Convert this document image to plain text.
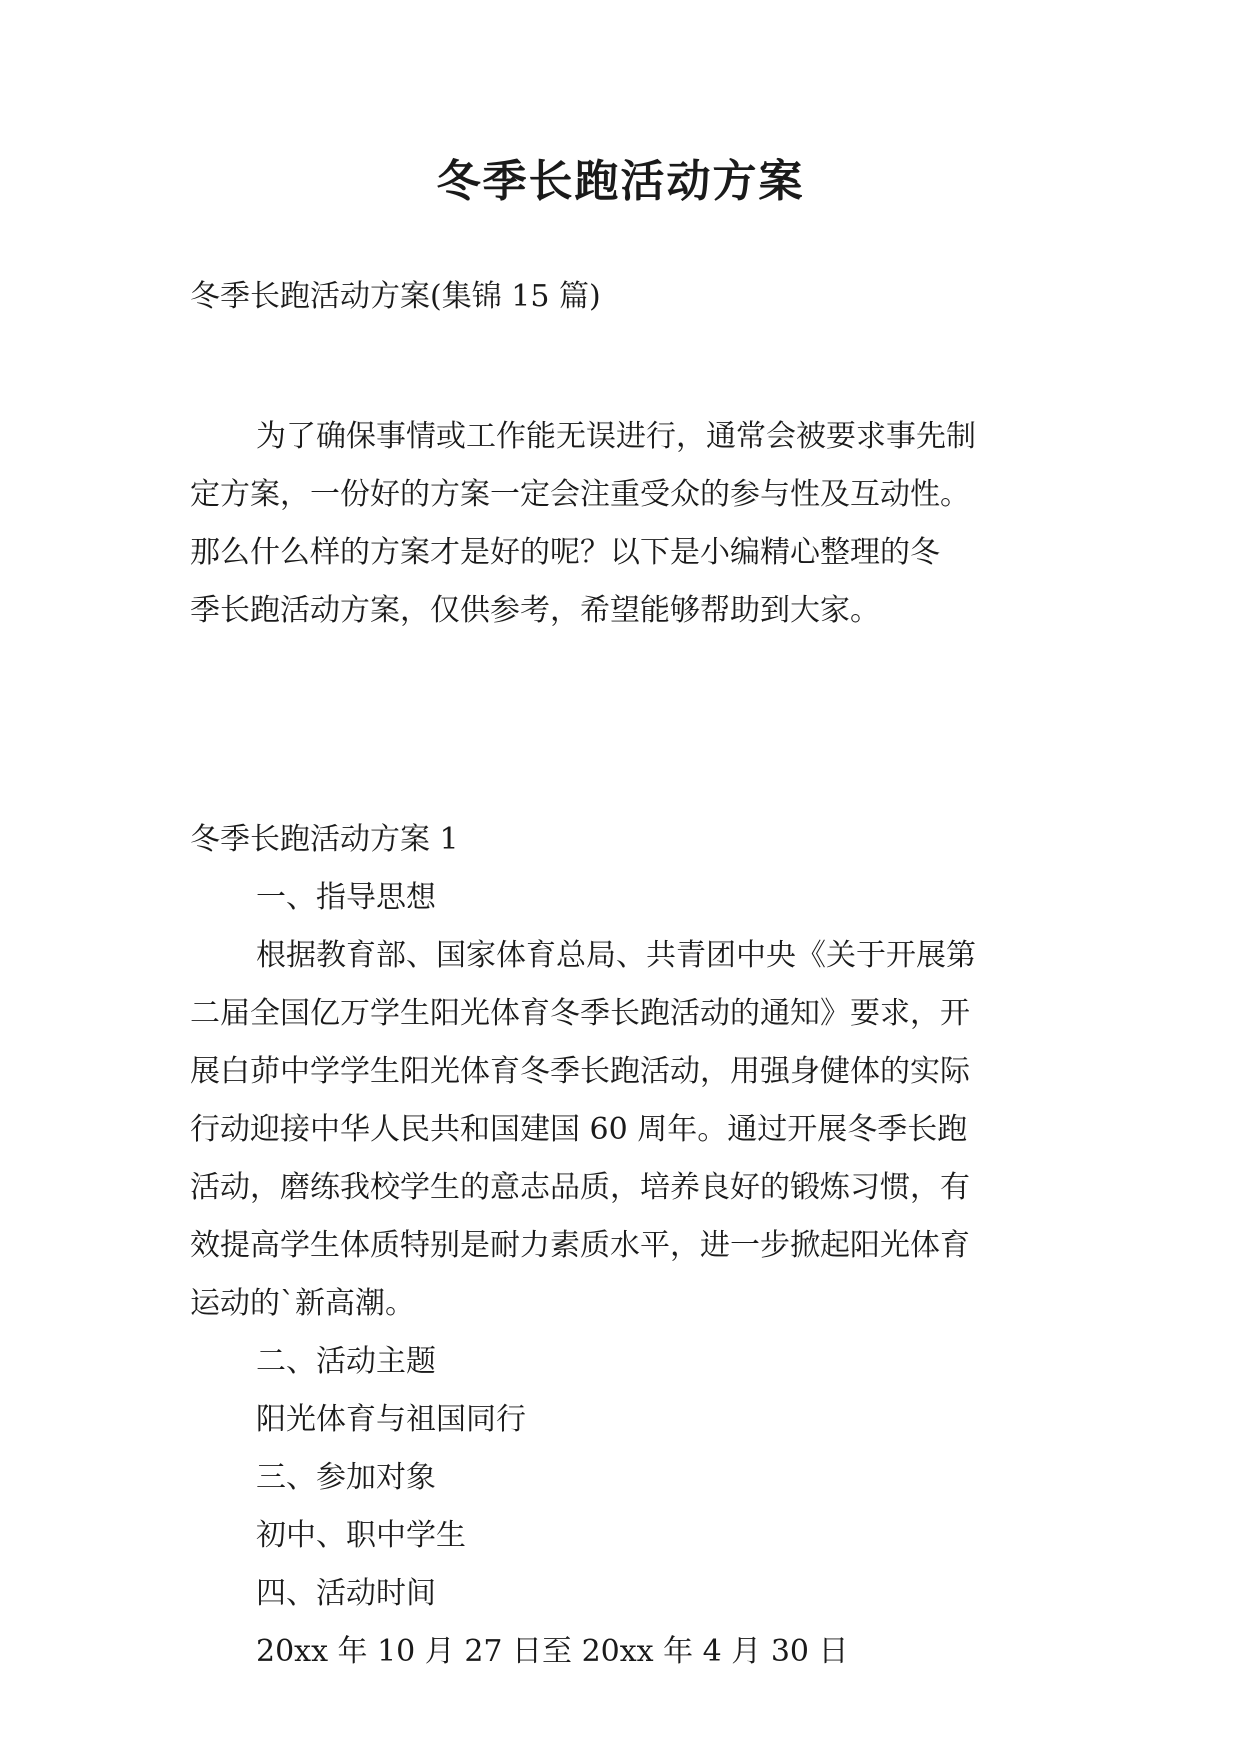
冬季长跑活动方案

冬季长跑活动方案(集锦 15 篇)

为了确保事情或工作能无误进行，通常会被要求事先制
定方案，一份好的方案一定会注重受众的参与性及互动性。
那么什么样的方案才是好的呢？以下是小编精心整理的冬
季长跑活动方案，仅供参考，希望能够帮助到大家。
冬季长跑活动方案 1
一、指导思想
根据教育部、国家体育总局、共青团中央《关于开展第
二届全国亿万学生阳光体育冬季长跑活动的通知》要求，开
展白茆中学学生阳光体育冬季长跑活动，用强身健体的实际
行动迎接中华人民共和国建国 60 周年。通过开展冬季长跑
活动，磨练我校学生的意志品质，培养良好的锻炼习惯，有
效提高学生体质特别是耐力素质水平，进一步掀起阳光体育
运动的`新高潮。
二、活动主题
阳光体育与祖国同行
三、参加对象
初中、职中学生
四、活动时间
20xx 年 10 月 27 日至 20xx 年 4 月 30 日
